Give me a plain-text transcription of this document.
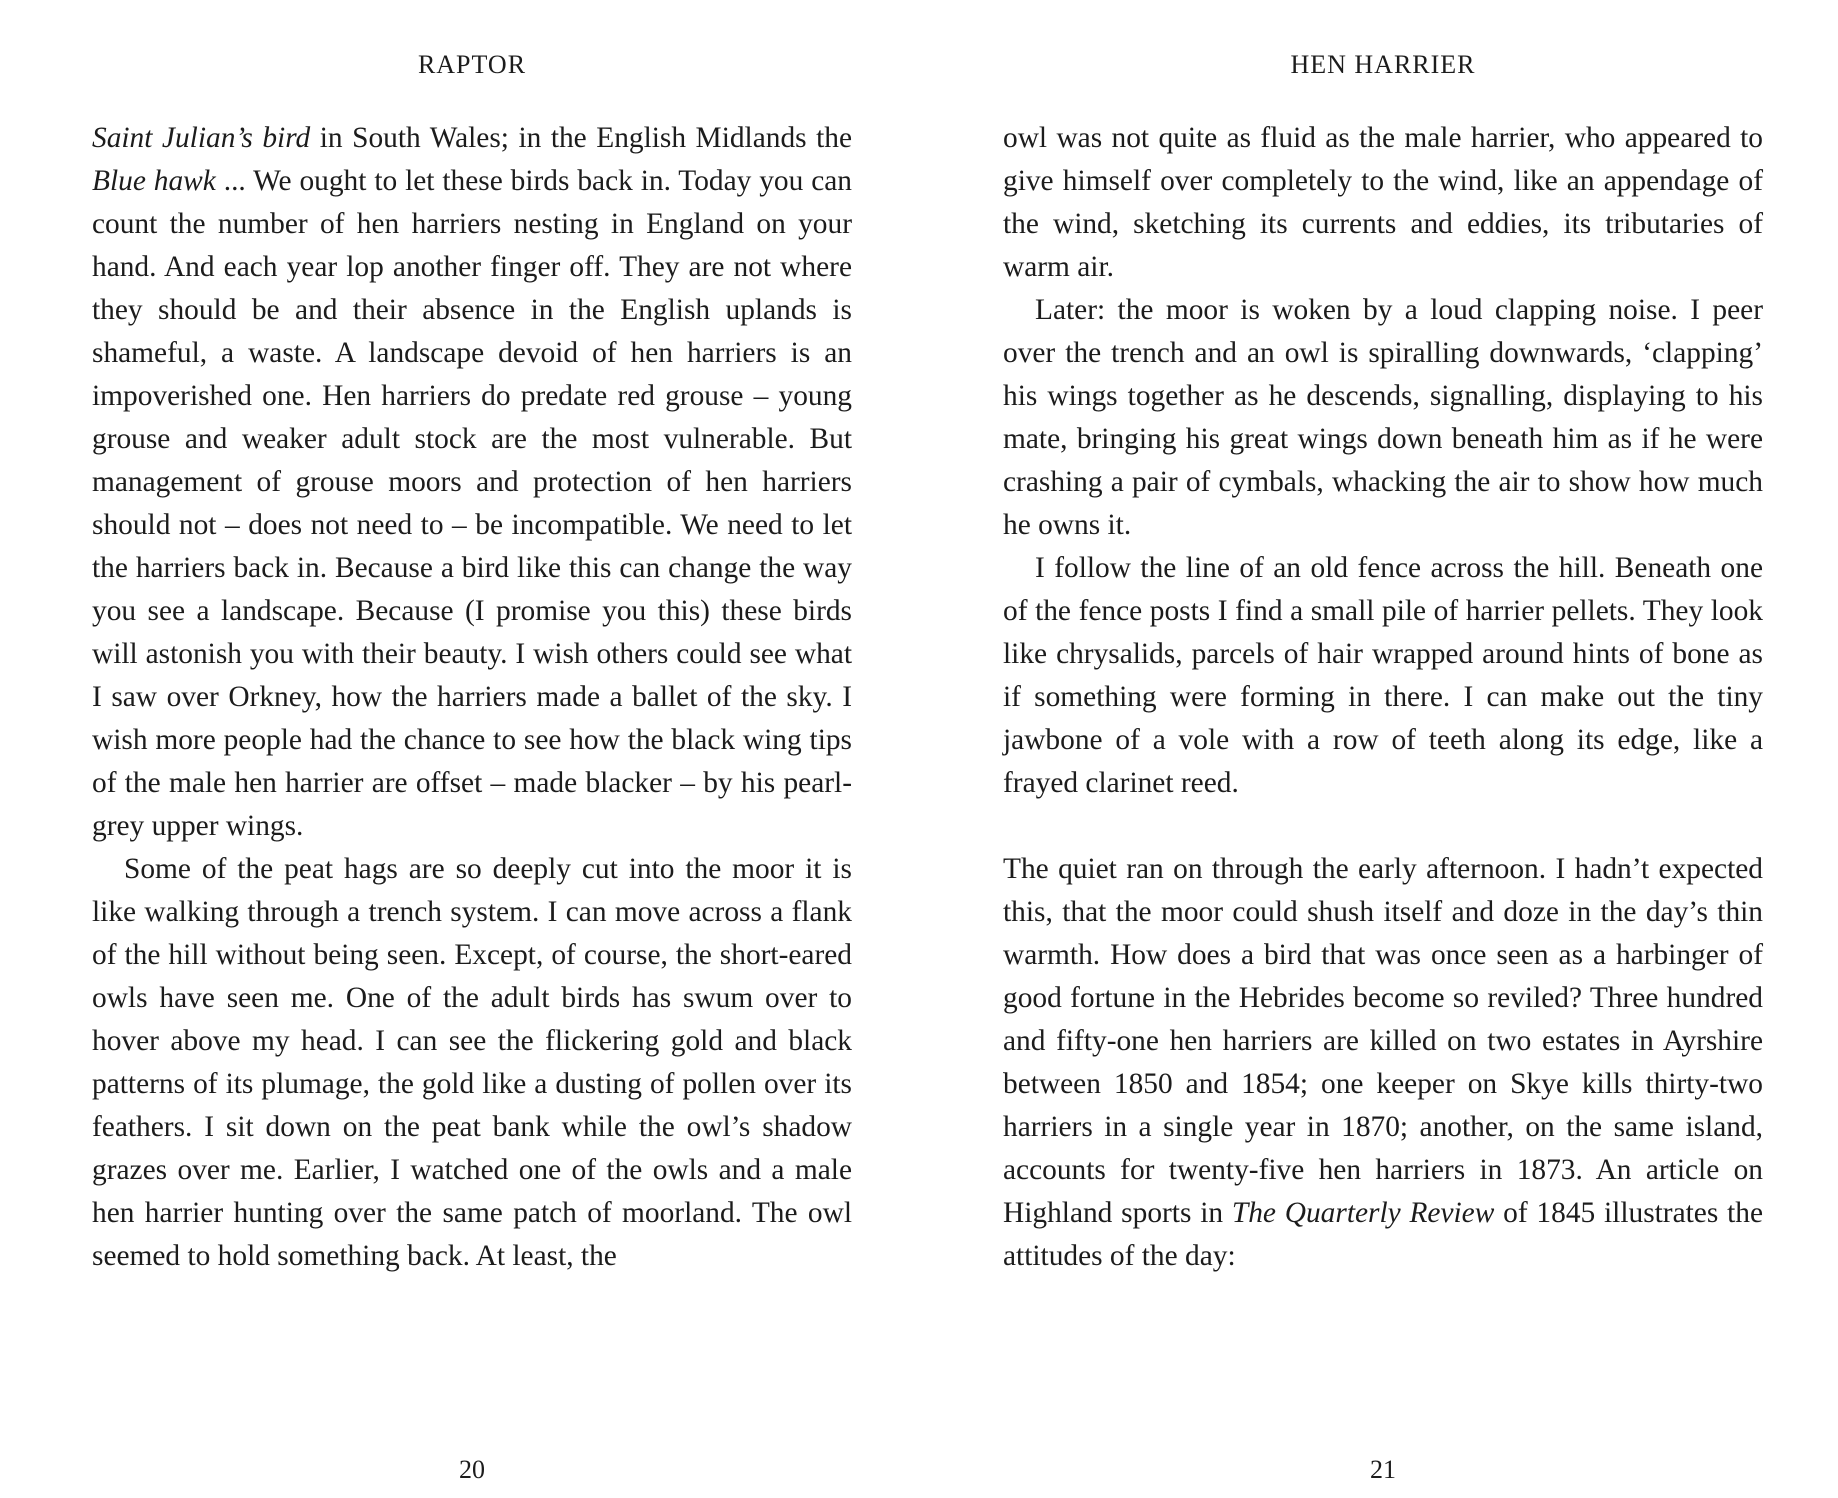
RAPTOR

Saint Julian’s bird in South Wales; in the English Midlands the Blue hawk ... We ought to let these birds back in. Today you can count the number of hen harriers nesting in England on your hand. And each year lop another finger off. They are not where they should be and their absence in the English uplands is shameful, a waste. A landscape devoid of hen harriers is an impoverished one. Hen harriers do predate red grouse – young grouse and weaker adult stock are the most vulnerable. But management of grouse moors and protection of hen harriers should not – does not need to – be incompatible. We need to let the harriers back in. Because a bird like this can change the way you see a landscape. Because (I promise you this) these birds will astonish you with their beauty. I wish others could see what I saw over Orkney, how the harriers made a ballet of the sky. I wish more people had the chance to see how the black wing tips of the male hen harrier are offset – made blacker – by his pearl-grey upper wings.

Some of the peat hags are so deeply cut into the moor it is like walking through a trench system. I can move across a flank of the hill without being seen. Except, of course, the short-eared owls have seen me. One of the adult birds has swum over to hover above my head. I can see the flickering gold and black patterns of its plumage, the gold like a dusting of pollen over its feathers. I sit down on the peat bank while the owl’s shadow grazes over me. Earlier, I watched one of the owls and a male hen harrier hunting over the same patch of moorland. The owl seemed to hold something back. At least, the

20
HEN HARRIER

owl was not quite as fluid as the male harrier, who appeared to give himself over completely to the wind, like an appendage of the wind, sketching its currents and eddies, its tributaries of warm air.

Later: the moor is woken by a loud clapping noise. I peer over the trench and an owl is spiralling downwards, ‘clapping’ his wings together as he descends, signalling, displaying to his mate, bringing his great wings down beneath him as if he were crashing a pair of cymbals, whacking the air to show how much he owns it.

I follow the line of an old fence across the hill. Beneath one of the fence posts I find a small pile of harrier pellets. They look like chrysalids, parcels of hair wrapped around hints of bone as if something were forming in there. I can make out the tiny jawbone of a vole with a row of teeth along its edge, like a frayed clarinet reed.

The quiet ran on through the early afternoon. I hadn’t expected this, that the moor could shush itself and doze in the day’s thin warmth. How does a bird that was once seen as a harbinger of good fortune in the Hebrides become so reviled? Three hundred and fifty-one hen harriers are killed on two estates in Ayrshire between 1850 and 1854; one keeper on Skye kills thirty-two harriers in a single year in 1870; another, on the same island, accounts for twenty-five hen harriers in 1873. An article on Highland sports in The Quarterly Review of 1845 illustrates the attitudes of the day:

21
